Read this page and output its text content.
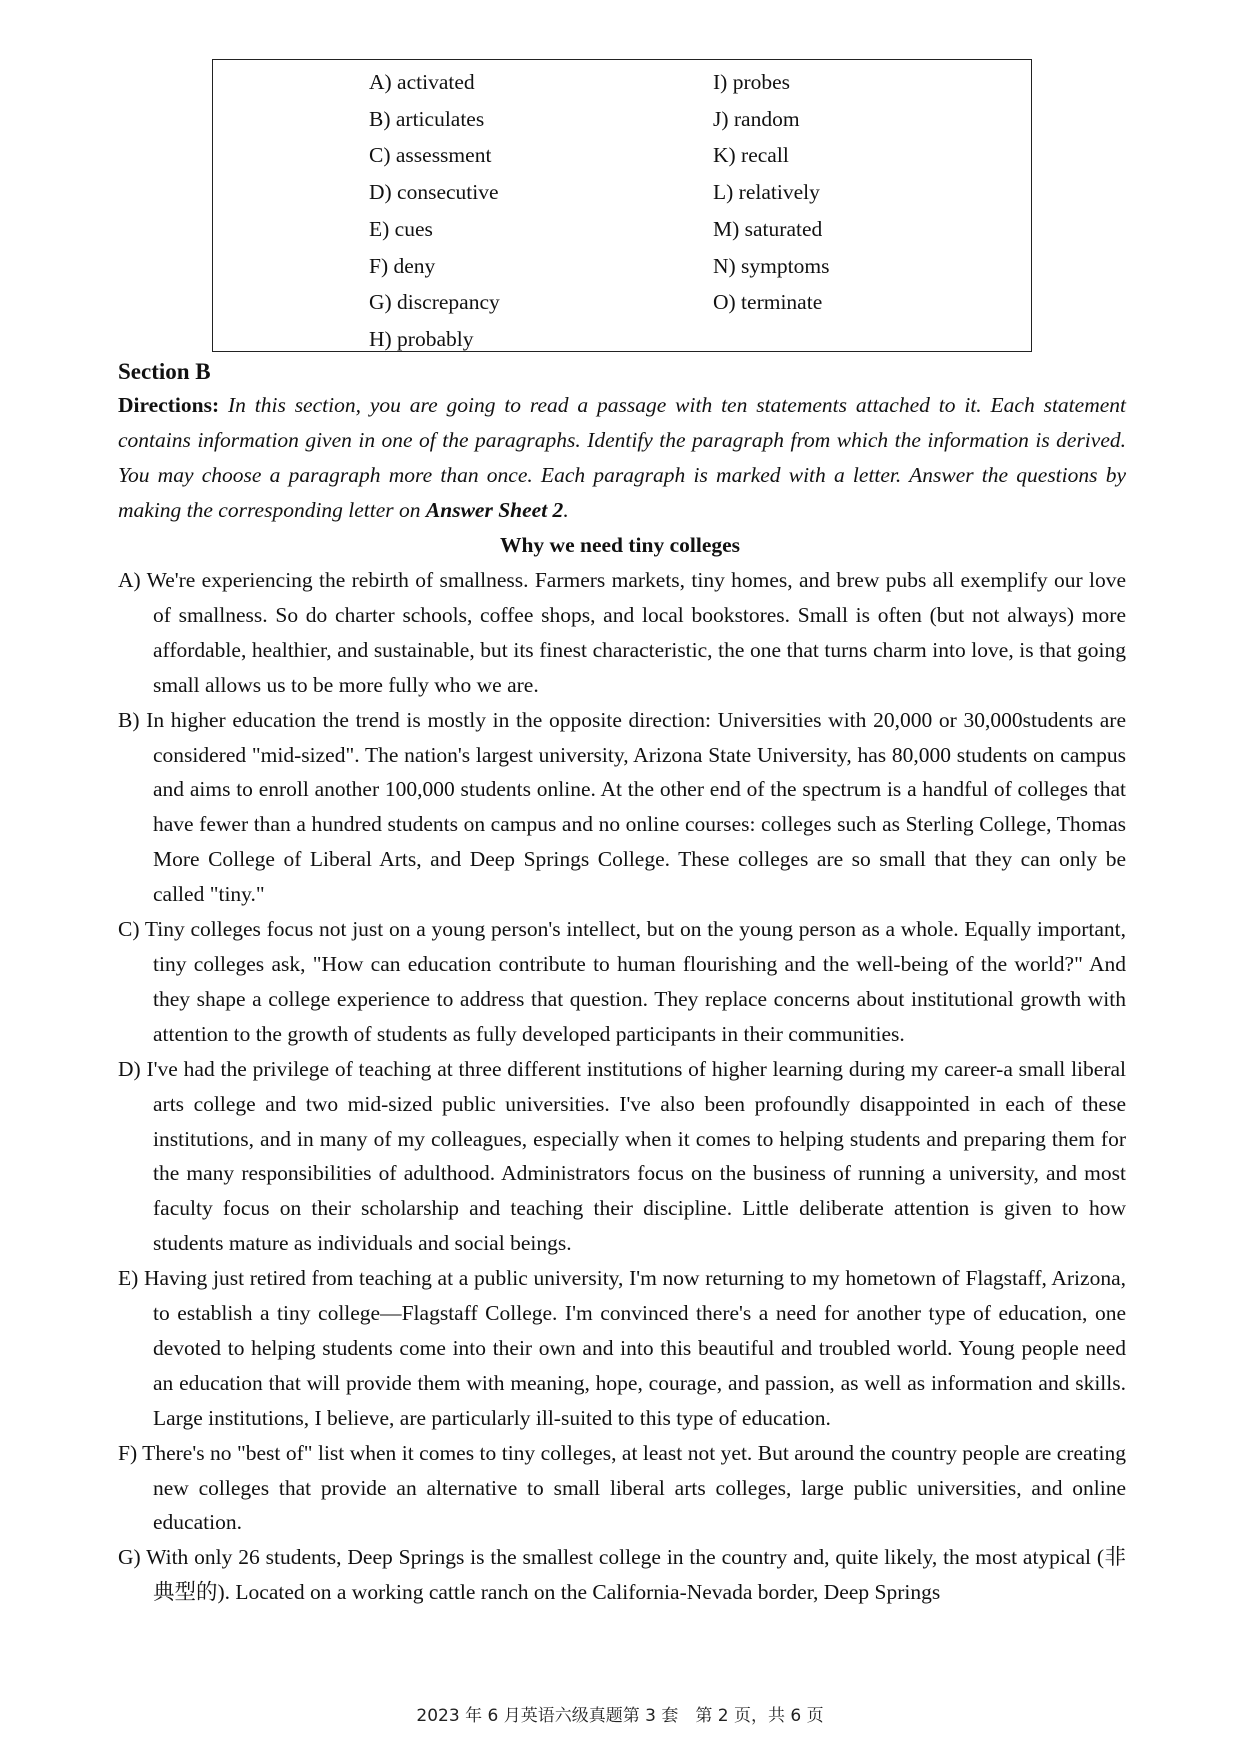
A) activated
B) articulates
C) assessment
D) consecutive
E) cues
F) deny
G) discrepancy
H) probably
I) probes
J) random
K) recall
L) relatively
M) saturated
N) symptoms
O) terminate
Section B
Directions: In this section, you are going to read a passage with ten statements attached to it. Each statement contains information given in one of the paragraphs. Identify the paragraph from which the information is derived. You may choose a paragraph more than once. Each paragraph is marked with a letter. Answer the questions by making the corresponding letter on Answer Sheet 2.
Why we need tiny colleges

A) We're experiencing the rebirth of smallness. Farmers markets, tiny homes, and brew pubs all exemplify our love of smallness. So do charter schools, coffee shops, and local bookstores. Small is often (but not always) more affordable, healthier, and sustainable, but its finest characteristic, the one that turns charm into love, is that going small allows us to be more fully who we are.

B) In higher education the trend is mostly in the opposite direction: Universities with 20,000 or 30,000students are considered "mid-sized". The nation's largest university, Arizona State University, has 80,000 students on campus and aims to enroll another 100,000 students online. At the other end of the spectrum is a handful of colleges that have fewer than a hundred students on campus and no online courses: colleges such as Sterling College, Thomas More College of Liberal Arts, and Deep Springs College. These colleges are so small that they can only be called "tiny."

C) Tiny colleges focus not just on a young person's intellect, but on the young person as a whole. Equally important, tiny colleges ask, "How can education contribute to human flourishing and the well-being of the world?" And they shape a college experience to address that question. They replace concerns about institutional growth with attention to the growth of students as fully developed participants in their communities.

D) I've had the privilege of teaching at three different institutions of higher learning during my career-a small liberal arts college and two mid-sized public universities. I've also been profoundly disappointed in each of these institutions, and in many of my colleagues, especially when it comes to helping students and preparing them for the many responsibilities of adulthood. Administrators focus on the business of running a university, and most faculty focus on their scholarship and teaching their discipline. Little deliberate attention is given to how students mature as individuals and social beings.

E) Having just retired from teaching at a public university, I'm now returning to my hometown of Flagstaff, Arizona, to establish a tiny college—Flagstaff College. I'm convinced there's a need for another type of education, one devoted to helping students come into their own and into this beautiful and troubled world. Young people need an education that will provide them with meaning, hope, courage, and passion, as well as information and skills. Large institutions, I believe, are particularly ill-suited to this type of education.

F) There's no "best of" list when it comes to tiny colleges, at least not yet. But around the country people are creating new colleges that provide an alternative to small liberal arts colleges, large public universities, and online education.

G) With only 26 students, Deep Springs is the smallest college in the country and, quite likely, the most atypical (非典型的). Located on a working cattle ranch on the California-Nevada border, Deep Springs

2023 年 6 月英语六级真题第 3 套　第 2 页，共 6 页
